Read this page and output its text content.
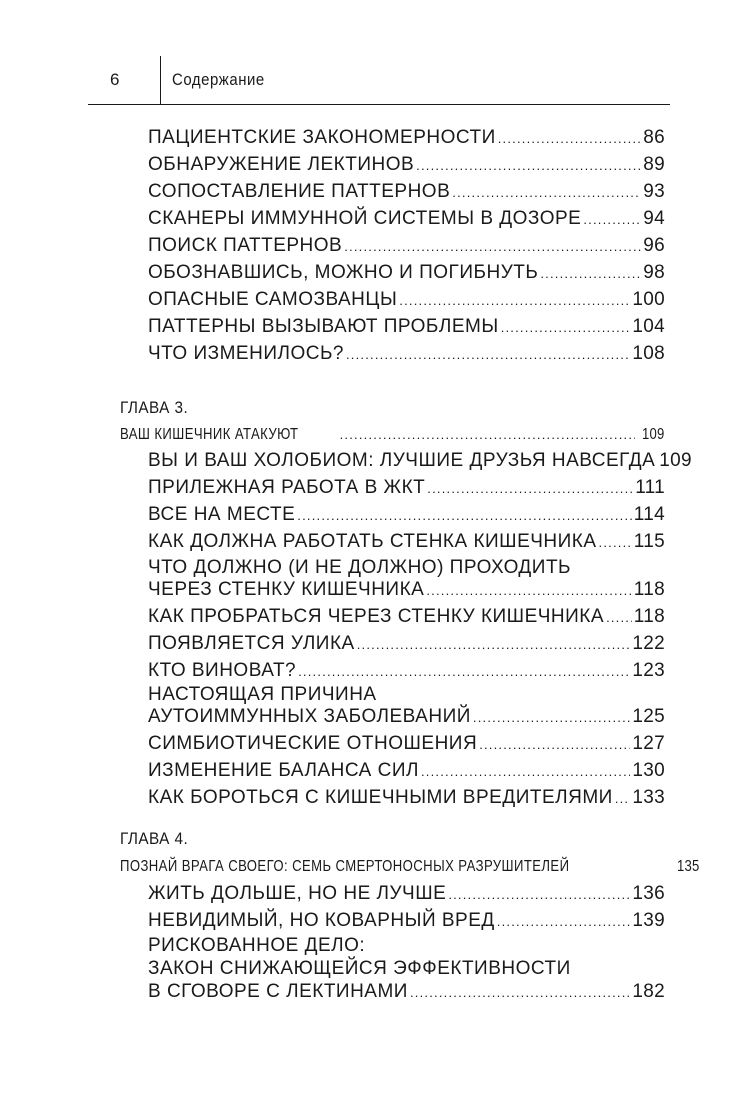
6	Содержание
ПАЦИЕНТСКИЕ ЗАКОНОМЕРНОСТИ .....	86
ОБНАРУЖЕНИЕ ЛЕКТИНОВ .....	89
СОПОСТАВЛЕНИЕ ПАТТЕРНОВ .....	93
СКАНЕРЫ ИММУННОЙ СИСТЕМЫ В ДОЗОРЕ .....	94
ПОИСК ПАТТЕРНОВ .....	96
ОБОЗНАВШИСЬ, МОЖНО И ПОГИБНУТЬ .....	98
ОПАСНЫЕ САМОЗВАНЦЫ .....	100
ПАТТЕРНЫ ВЫЗЫВАЮТ ПРОБЛЕМЫ .....	104
ЧТО ИЗМЕНИЛОСЬ? .....	108
ГЛАВА 3.
ВАШ КИШЕЧНИК АТАКУЮТ .....	109
ВЫ И ВАШ ХОЛОБИОМ: ЛУЧШИЕ ДРУЗЬЯ НАВСЕГДА 109
ПРИЛЕЖНАЯ РАБОТА В ЖКТ .....	111
ВСЕ НА МЕСТЕ .....	114
КАК ДОЛЖНА РАБОТАТЬ СТЕНКА КИШЕЧНИКА ..... 115
ЧТО ДОЛЖНО (И НЕ ДОЛЖНО) ПРОХОДИТЬ
ЧЕРЕЗ СТЕНКУ КИШЕЧНИКА .....	118
КАК ПРОБРАТЬСЯ ЧЕРЕЗ СТЕНКУ КИШЕЧНИКА ..... 118
ПОЯВЛЯЕТСЯ УЛИКА .....	122
КТО ВИНОВАТ? .....	123
НАСТОЯЩАЯ ПРИЧИНА
АУТОИММУННЫХ ЗАБОЛЕВАНИЙ .....	125
СИМБИОТИЧЕСКИЕ ОТНОШЕНИЯ .....	127
ИЗМЕНЕНИЕ БАЛАНСА СИЛ .....	130
КАК БОРОТЬСЯ С КИШЕЧНЫМИ ВРЕДИТЕЛЯМИ ..... 133
ГЛАВА 4.
ПОЗНАЙ ВРАГА СВОЕГО: СЕМЬ СМЕРТОНОСНЫХ РАЗРУШИТЕЛЕЙ	135
ЖИТЬ ДОЛЬШЕ, НО НЕ ЛУЧШЕ .....	136
НЕВИДИМЫЙ, НО КОВАРНЫЙ ВРЕД .....	139
РИСКОВАННОЕ ДЕЛО:
ЗАКОН СНИЖАЮЩЕЙСЯ ЭФФЕКТИВНОСТИ
В СГОВОРЕ С ЛЕКТИНАМИ .....	182
